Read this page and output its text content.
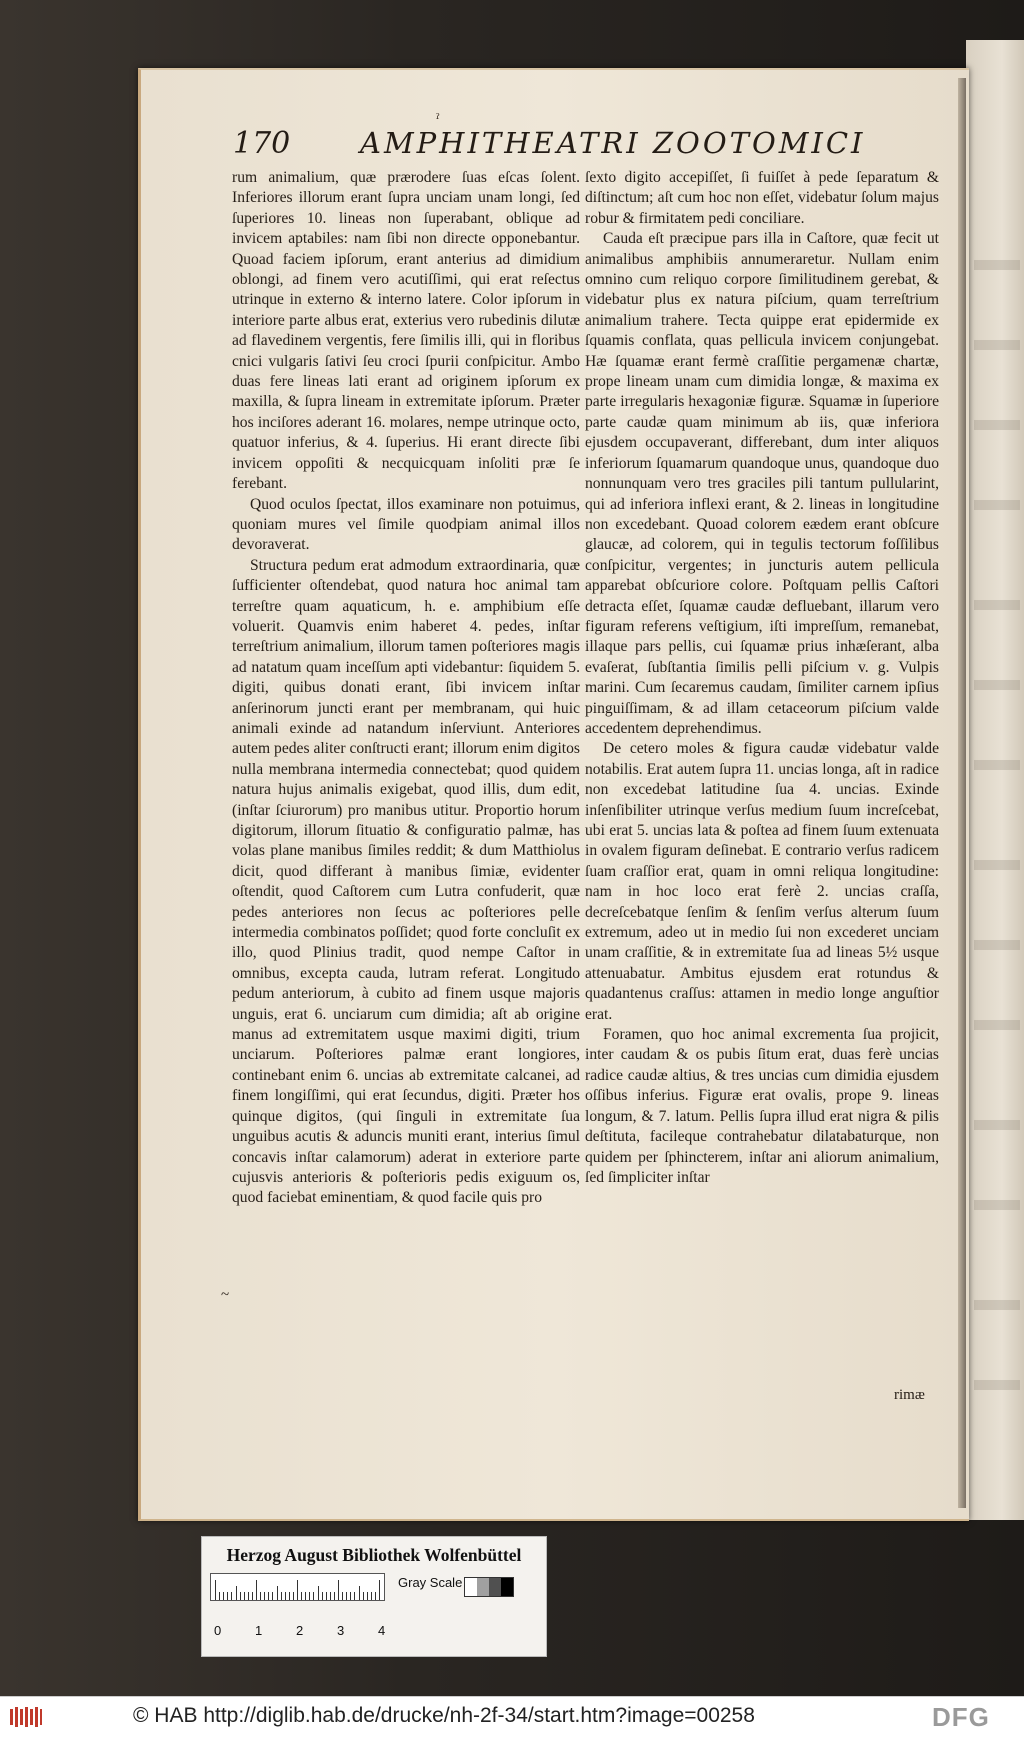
ˀ
170 AMPHITHEATRI ZOOTOMICI

rum animalium, quæ prærodere ſuas eſcas ſolent. Inferiores illorum erant ſupra unciam unam longi, ſed ſuperiores 10. lineas non ſuperabant, oblique ad invicem aptabiles: nam ſibi non directe opponebantur. Quoad faciem ipſorum, erant anterius ad dimidium oblongi, ad finem vero acutiſſimi, qui erat reſectus utrinque in externo & interno latere. Color ipſorum in interiore parte albus erat, exterius vero rubedinis dilutæ ad flavedinem vergentis, fere ſimilis illi, qui in floribus cnici vulgaris ſativi ſeu croci ſpurii conſpicitur. Ambo duas fere lineas lati erant ad originem ipſorum ex maxilla, & ſupra lineam in extremitate ipſorum. Præter hos inciſores aderant 16. molares, nempe utrinque octo, quatuor inferius, & 4. ſuperius. Hi erant directe ſibi invicem oppoſiti & necquicquam inſoliti præ ſe ferebant.

Quod oculos ſpectat, illos examinare non potuimus, quoniam mures vel ſimile quodpiam animal illos devoraverat.

Structura pedum erat admodum extraordinaria, quæ ſufficienter oſtendebat, quod natura hoc animal tam terreſtre quam aquaticum, h. e. amphibium eſſe voluerit. Quamvis enim haberet 4. pedes, inſtar terreſtrium animalium, illorum tamen poſteriores magis ad natatum quam inceſſum apti videbantur: ſiquidem 5. digiti, quibus donati erant, ſibi invicem inſtar anſerinorum juncti erant per membranam, qui huic animali exinde ad natandum inſerviunt. Anteriores autem pedes aliter conſtructi erant; illorum enim digitos nulla membrana intermedia connectebat; quod quidem natura hujus animalis exigebat, quod illis, dum edit, (inſtar ſciurorum) pro manibus utitur. Proportio horum digitorum, illorum ſituatio & configuratio palmæ, has volas plane manibus ſimiles reddit; & dum Matthiolus dicit, quod differant à manibus ſimiæ, evidenter oſtendit, quod Caſtorem cum Lutra confuderit, quæ pedes anteriores non ſecus ac poſteriores pelle intermedia combinatos poſſidet; quod forte concluſit ex illo, quod Plinius tradit, quod nempe Caſtor in omnibus, excepta cauda, lutram referat. Longitudo pedum anteriorum, à cubito ad finem usque majoris unguis, erat 6. unciarum cum dimidia; aſt ab origine manus ad extremitatem usque maximi digiti, trium unciarum. Poſteriores palmæ erant longiores, continebant enim 6. uncias ab extremitate calcanei, ad finem longiſſimi, qui erat ſecundus, digiti. Præter hos quinque digitos, (qui ſinguli in extremitate ſua unguibus acutis & aduncis muniti erant, interius ſimul concavis inſtar calamorum) aderat in exteriore parte cujusvis anterioris & poſterioris pedis exiguum os, quod faciebat eminentiam, & quod facile quis pro

ſexto digito accepiſſet, ſi fuiſſet à pede ſeparatum & diſtinctum; aſt cum hoc non eſſet, videbatur ſolum majus robur & firmitatem pedi conciliare.

Cauda eſt præcipue pars illa in Caſtore, quæ fecit ut animalibus amphibiis annumeraretur. Nullam enim omnino cum reliquo corpore ſimilitudinem gerebat, & videbatur plus ex natura piſcium, quam terreſtrium animalium trahere. Tecta quippe erat epidermide ex ſquamis conflata, quas pellicula invicem conjungebat. Hæ ſquamæ erant fermè craſſitie pergamenæ chartæ, prope lineam unam cum dimidia longæ, & maxima ex parte irregularis hexagoniæ figuræ. Squamæ in ſuperiore parte caudæ quam minimum ab iis, quæ inferiora ejusdem occupaverant, differebant, dum inter aliquos inferiorum ſquamarum quandoque unus, quandoque duo nonnunquam vero tres graciles pili tantum pullularint, qui ad inferiora inflexi erant, & 2. lineas in longitudine non excedebant. Quoad colorem eædem erant obſcure glaucæ, ad colorem, qui in tegulis tectorum foſſilibus conſpicitur, vergentes; in juncturis autem pellicula apparebat obſcuriore colore. Poſtquam pellis Caſtori detracta eſſet, ſquamæ caudæ defluebant, illarum vero figuram referens veſtigium, iſti impreſſum, remanebat, illaque pars pellis, cui ſquamæ prius inhæſerant, alba evaſerat, ſubſtantia ſimilis pelli piſcium v. g. Vulpis marini. Cum ſecaremus caudam, ſimiliter carnem ipſius pinguiſſimam, & ad illam cetaceorum piſcium valde accedentem deprehendimus.

De cetero moles & figura caudæ videbatur valde notabilis. Erat autem ſupra 11. uncias longa, aſt in radice non excedebat latitudine ſua 4. uncias. Exinde inſenſibiliter utrinque verſus medium ſuum increſcebat, ubi erat 5. uncias lata & poſtea ad finem ſuum extenuata in ovalem figuram deſinebat. E contrario verſus radicem ſuam craſſior erat, quam in omni reliqua longitudine: nam in hoc loco erat ferè 2. uncias craſſa, decreſcebatque ſenſim & ſenſim verſus alterum ſuum extremum, adeo ut in medio ſui non excederet unciam unam craſſitie, & in extremitate ſua ad lineas 5½ usque attenuabatur. Ambitus ejusdem erat rotundus & quadantenus craſſus: attamen in medio longe anguſtior erat.

Foramen, quo hoc animal excrementa ſua projicit, inter caudam & os pubis ſitum erat, duas ferè uncias radice caudæ altius, & tres uncias cum dimidia ejusdem oſſibus inferius. Figuræ erat ovalis, prope 9. lineas longum, & 7. latum. Pellis ſupra illud erat nigra & pilis deſtituta, facileque contrahebatur dilatabaturque, non quidem per ſphincterem, inſtar ani aliorum animalium, ſed ſimpliciter inſtar

~
rimæ
Herzog August Bibliothek Wolfenbüttel
0	1	2	3	4
Gray Scale
© HAB http://diglib.hab.de/drucke/nh-2f-34/start.htm?image=00258	DFG
